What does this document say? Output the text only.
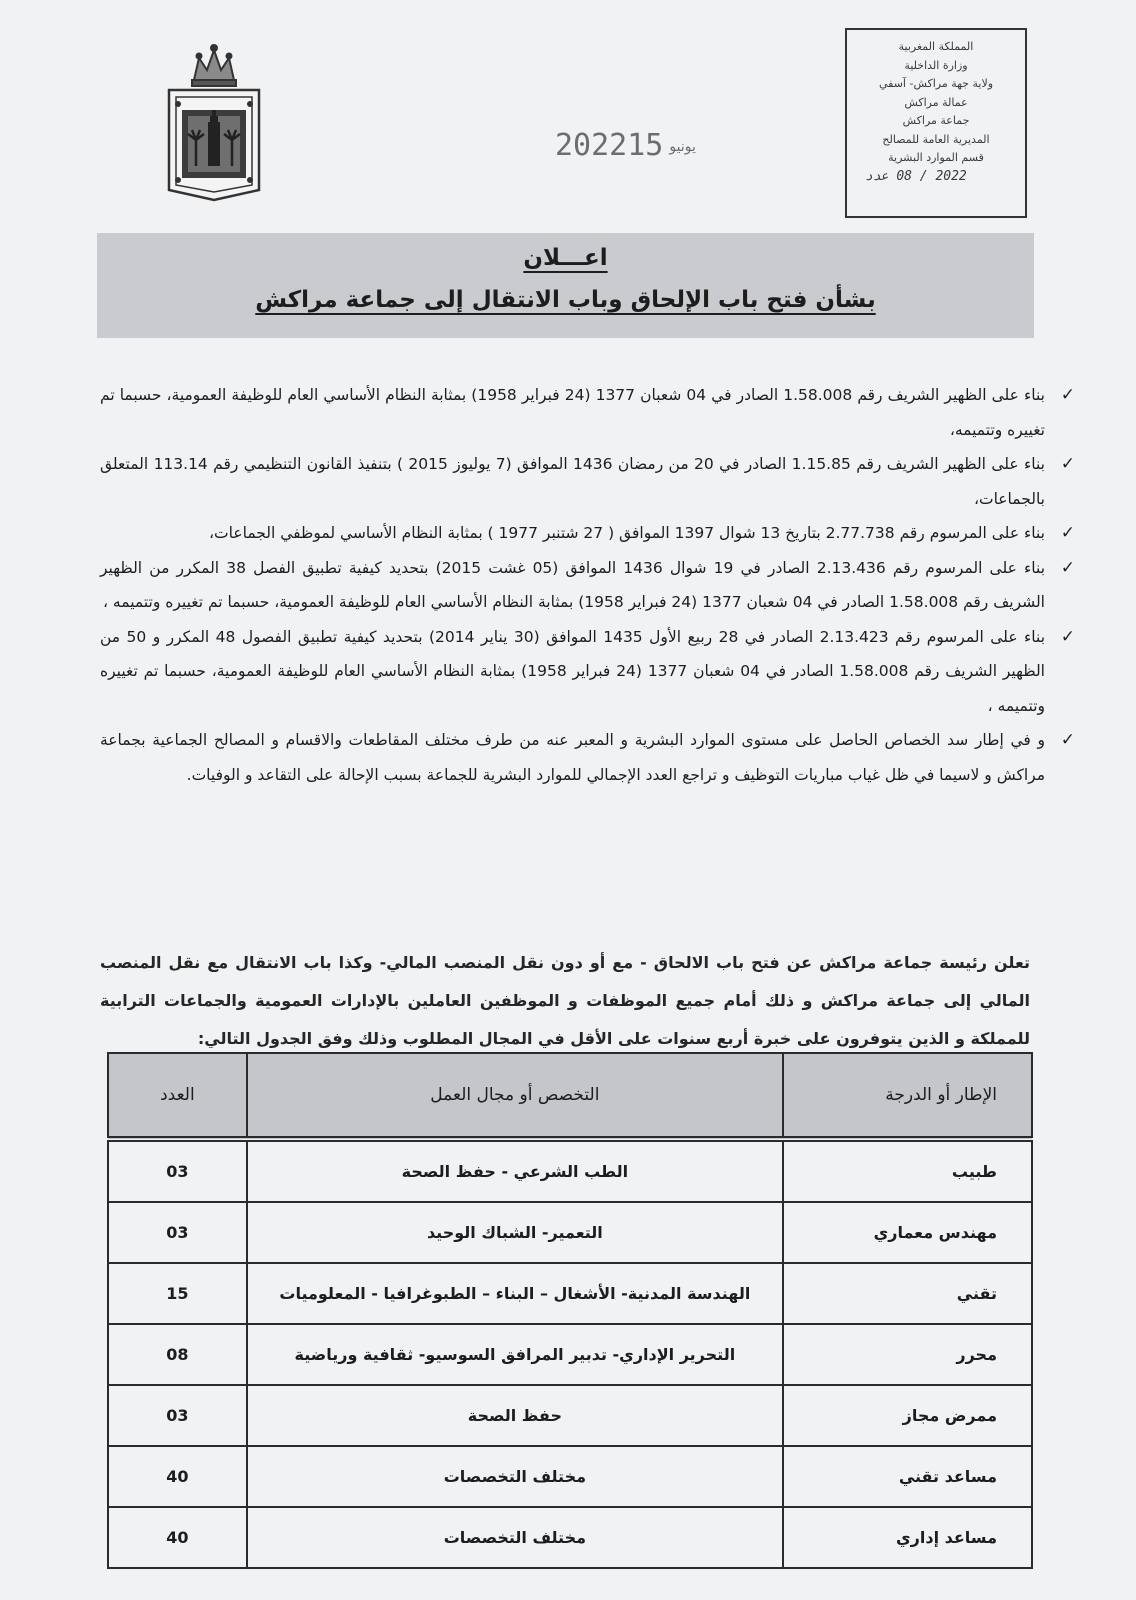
المملكة المغربية
وزارة الداخلية
ولاية جهة مراكش- آسفي
عمالة مراكش
جماعة مراكش
المديرية العامة للمصالح
قسم الموارد البشرية
2022 / 08 عدد
2022	يونيو15
اعـــلان
بشأن فتح باب الإلحاق وباب الانتقال إلى جماعة مراكش
✓
بناء على الظهير الشريف رقم 1.58.008 الصادر في 04 شعبان 1377 (24 فبراير 1958) بمثابة النظام الأساسي العام للوظيفة العمومية، حسبما تم تغييره وتتميمه،
✓
بناء على الظهير الشريف رقم 1.15.85 الصادر في 20 من رمضان 1436 الموافق (7 يوليوز 2015 ) بتنفيذ القانون التنظيمي رقم 113.14 المتعلق بالجماعات،
✓
بناء على المرسوم رقم 2.77.738 بتاريخ 13 شوال 1397 الموافق ( 27 شتنبر 1977 ) بمثابة النظام الأساسي لموظفي الجماعات،
✓
بناء على المرسوم رقم 2.13.436 الصادر في 19 شوال 1436 الموافق (05 غشت 2015) بتحديد كيفية تطبيق الفصل 38 المكرر من الظهير الشريف رقم 1.58.008 الصادر في 04 شعبان 1377 (24 فبراير 1958) بمثابة النظام الأساسي العام للوظيفة العمومية، حسبما تم تغييره وتتميمه ،
✓
بناء على المرسوم رقم 2.13.423 الصادر في 28 ربيع الأول 1435 الموافق (30 يناير 2014) بتحديد كيفية تطبيق الفصول 48 المكرر و 50 من الظهير الشريف رقم 1.58.008 الصادر في 04 شعبان 1377 (24 فبراير 1958) بمثابة النظام الأساسي العام للوظيفة العمومية، حسبما تم تغييره وتتميمه ،
✓
و في إطار سد الخصاص الحاصل على مستوى الموارد البشرية و المعبر عنه من طرف مختلف المقاطعات والاقسام و المصالح الجماعية بجماعة مراكش و لاسيما في ظل غياب مباريات التوظيف و تراجع العدد الإجمالي للموارد البشرية للجماعة بسبب الإحالة على التقاعد و الوفيات.

تعلن رئيسة جماعة مراكش عن فتح باب الالحاق - مع أو دون نقل المنصب المالي- وكذا باب الانتقال مع نقل المنصب المالي إلى جماعة مراكش و ذلك أمام جميع الموظفات و الموظفين العاملين بالإدارات العمومية والجماعات الترابية للمملكة و الذين يتوفرون على خبرة أربع سنوات على الأقل في المجال المطلوب وذلك وفق الجدول التالي:

الإطار أو الدرجة	التخصص أو مجال العمل	العدد
طبيب	الطب الشرعي - حفظ الصحة	03
مهندس معماري	التعمير- الشباك الوحيد	03
تقني	الهندسة المدنية- الأشغال – البناء – الطبوغرافيا - المعلوميات	15
محرر	التحرير الإداري- تدبير المرافق السوسيو- ثقافية ورياضية	08
ممرض مجاز	حفظ الصحة	03
مساعد تقني	مختلف التخصصات	40
مساعد إداري	مختلف التخصصات	40
